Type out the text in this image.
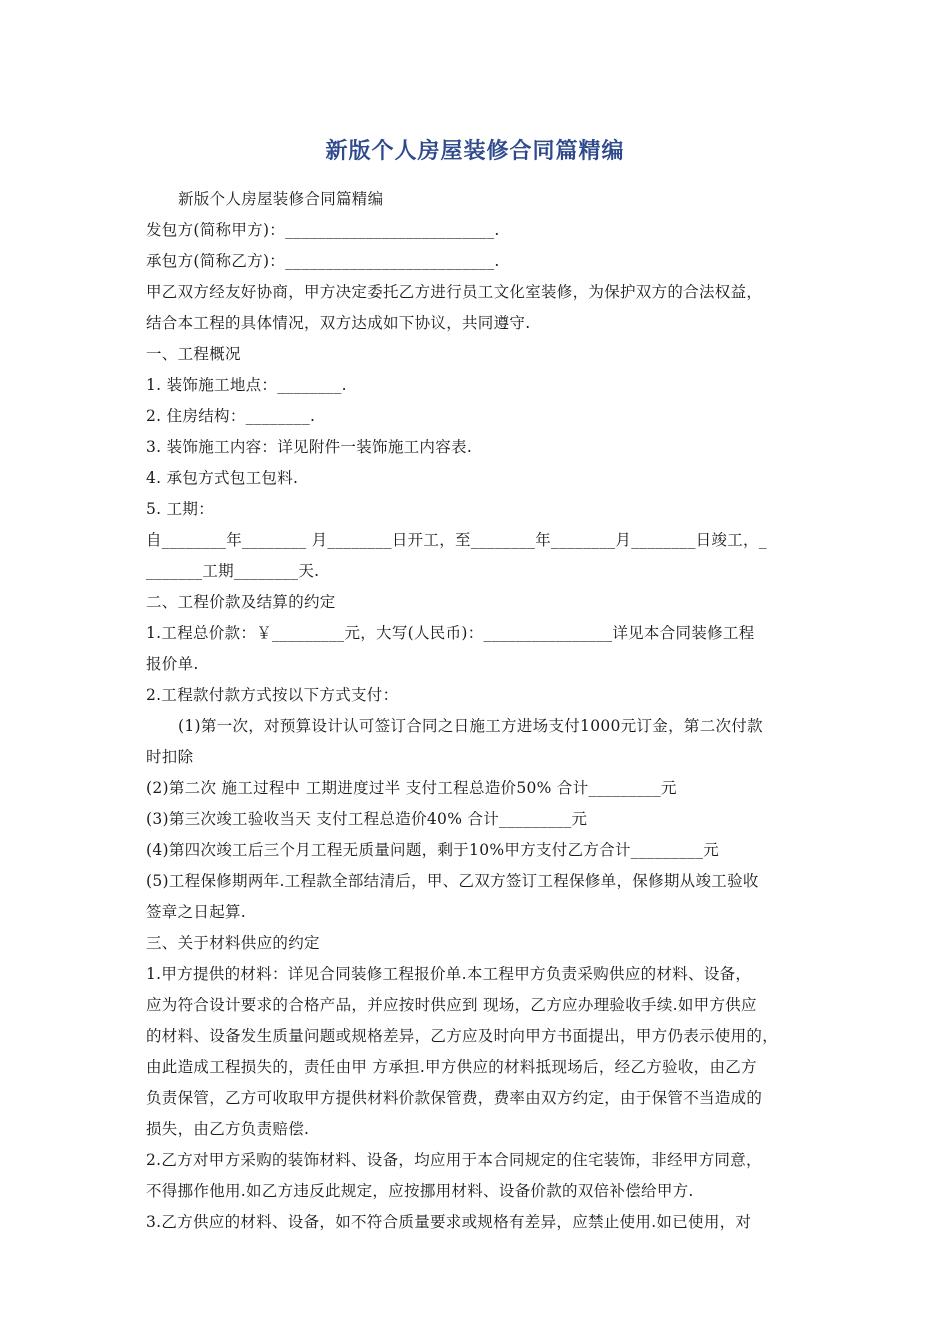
新版个人房屋装修合同篇精编
新版个人房屋装修合同篇精编
发包方(简称甲方)：__________________________.
承包方(简称乙方)：__________________________.
甲乙双方经友好协商，甲方决定委托乙方进行员工文化室装修，为保护双方的合法权益，
结合本工程的具体情况，双方达成如下协议，共同遵守.
一、工程概况
1. 装饰施工地点：________.
2. 住房结构：________.
3. 装饰施工内容：详见附件一装饰施工内容表.
4. 承包方式包工包料.
5. 工期：
自________年________ 月________日开工，至________年________月________日竣工，_
_______工期________天.
二、工程价款及结算的约定
1.工程总价款：￥_________元，大写(人民币)：________________详见本合同装修工程
报价单.
2.工程款付款方式按以下方式支付：
(1)第一次，对预算设计认可签订合同之日施工方进场支付1000元订金，第二次付款
时扣除
(2)第二次 施工过程中 工期进度过半 支付工程总造价50% 合计_________元
(3)第三次竣工验收当天 支付工程总造价40% 合计_________元
(4)第四次竣工后三个月工程无质量问题，剩于10%甲方支付乙方合计_________元
(5)工程保修期两年.工程款全部结清后，甲、乙双方签订工程保修单，保修期从竣工验收
签章之日起算.
三、关于材料供应的约定
1.甲方提供的材料：详见合同装修工程报价单.本工程甲方负责采购供应的材料、设备，
应为符合设计要求的合格产品，并应按时供应到 现场，乙方应办理验收手续.如甲方供应
的材料、设备发生质量问题或规格差异，乙方应及时向甲方书面提出，甲方仍表示使用的，
由此造成工程损失的，责任由甲 方承担.甲方供应的材料抵现场后，经乙方验收，由乙方
负责保管，乙方可收取甲方提供材料价款保管费，费率由双方约定，由于保管不当造成的
损失，由乙方负责赔偿.
2.乙方对甲方采购的装饰材料、设备，均应用于本合同规定的住宅装饰，非经甲方同意，
不得挪作他用.如乙方违反此规定，应按挪用材料、设备价款的双倍补偿给甲方.
3.乙方供应的材料、设备，如不符合质量要求或规格有差异，应禁止使用.如已使用，对
